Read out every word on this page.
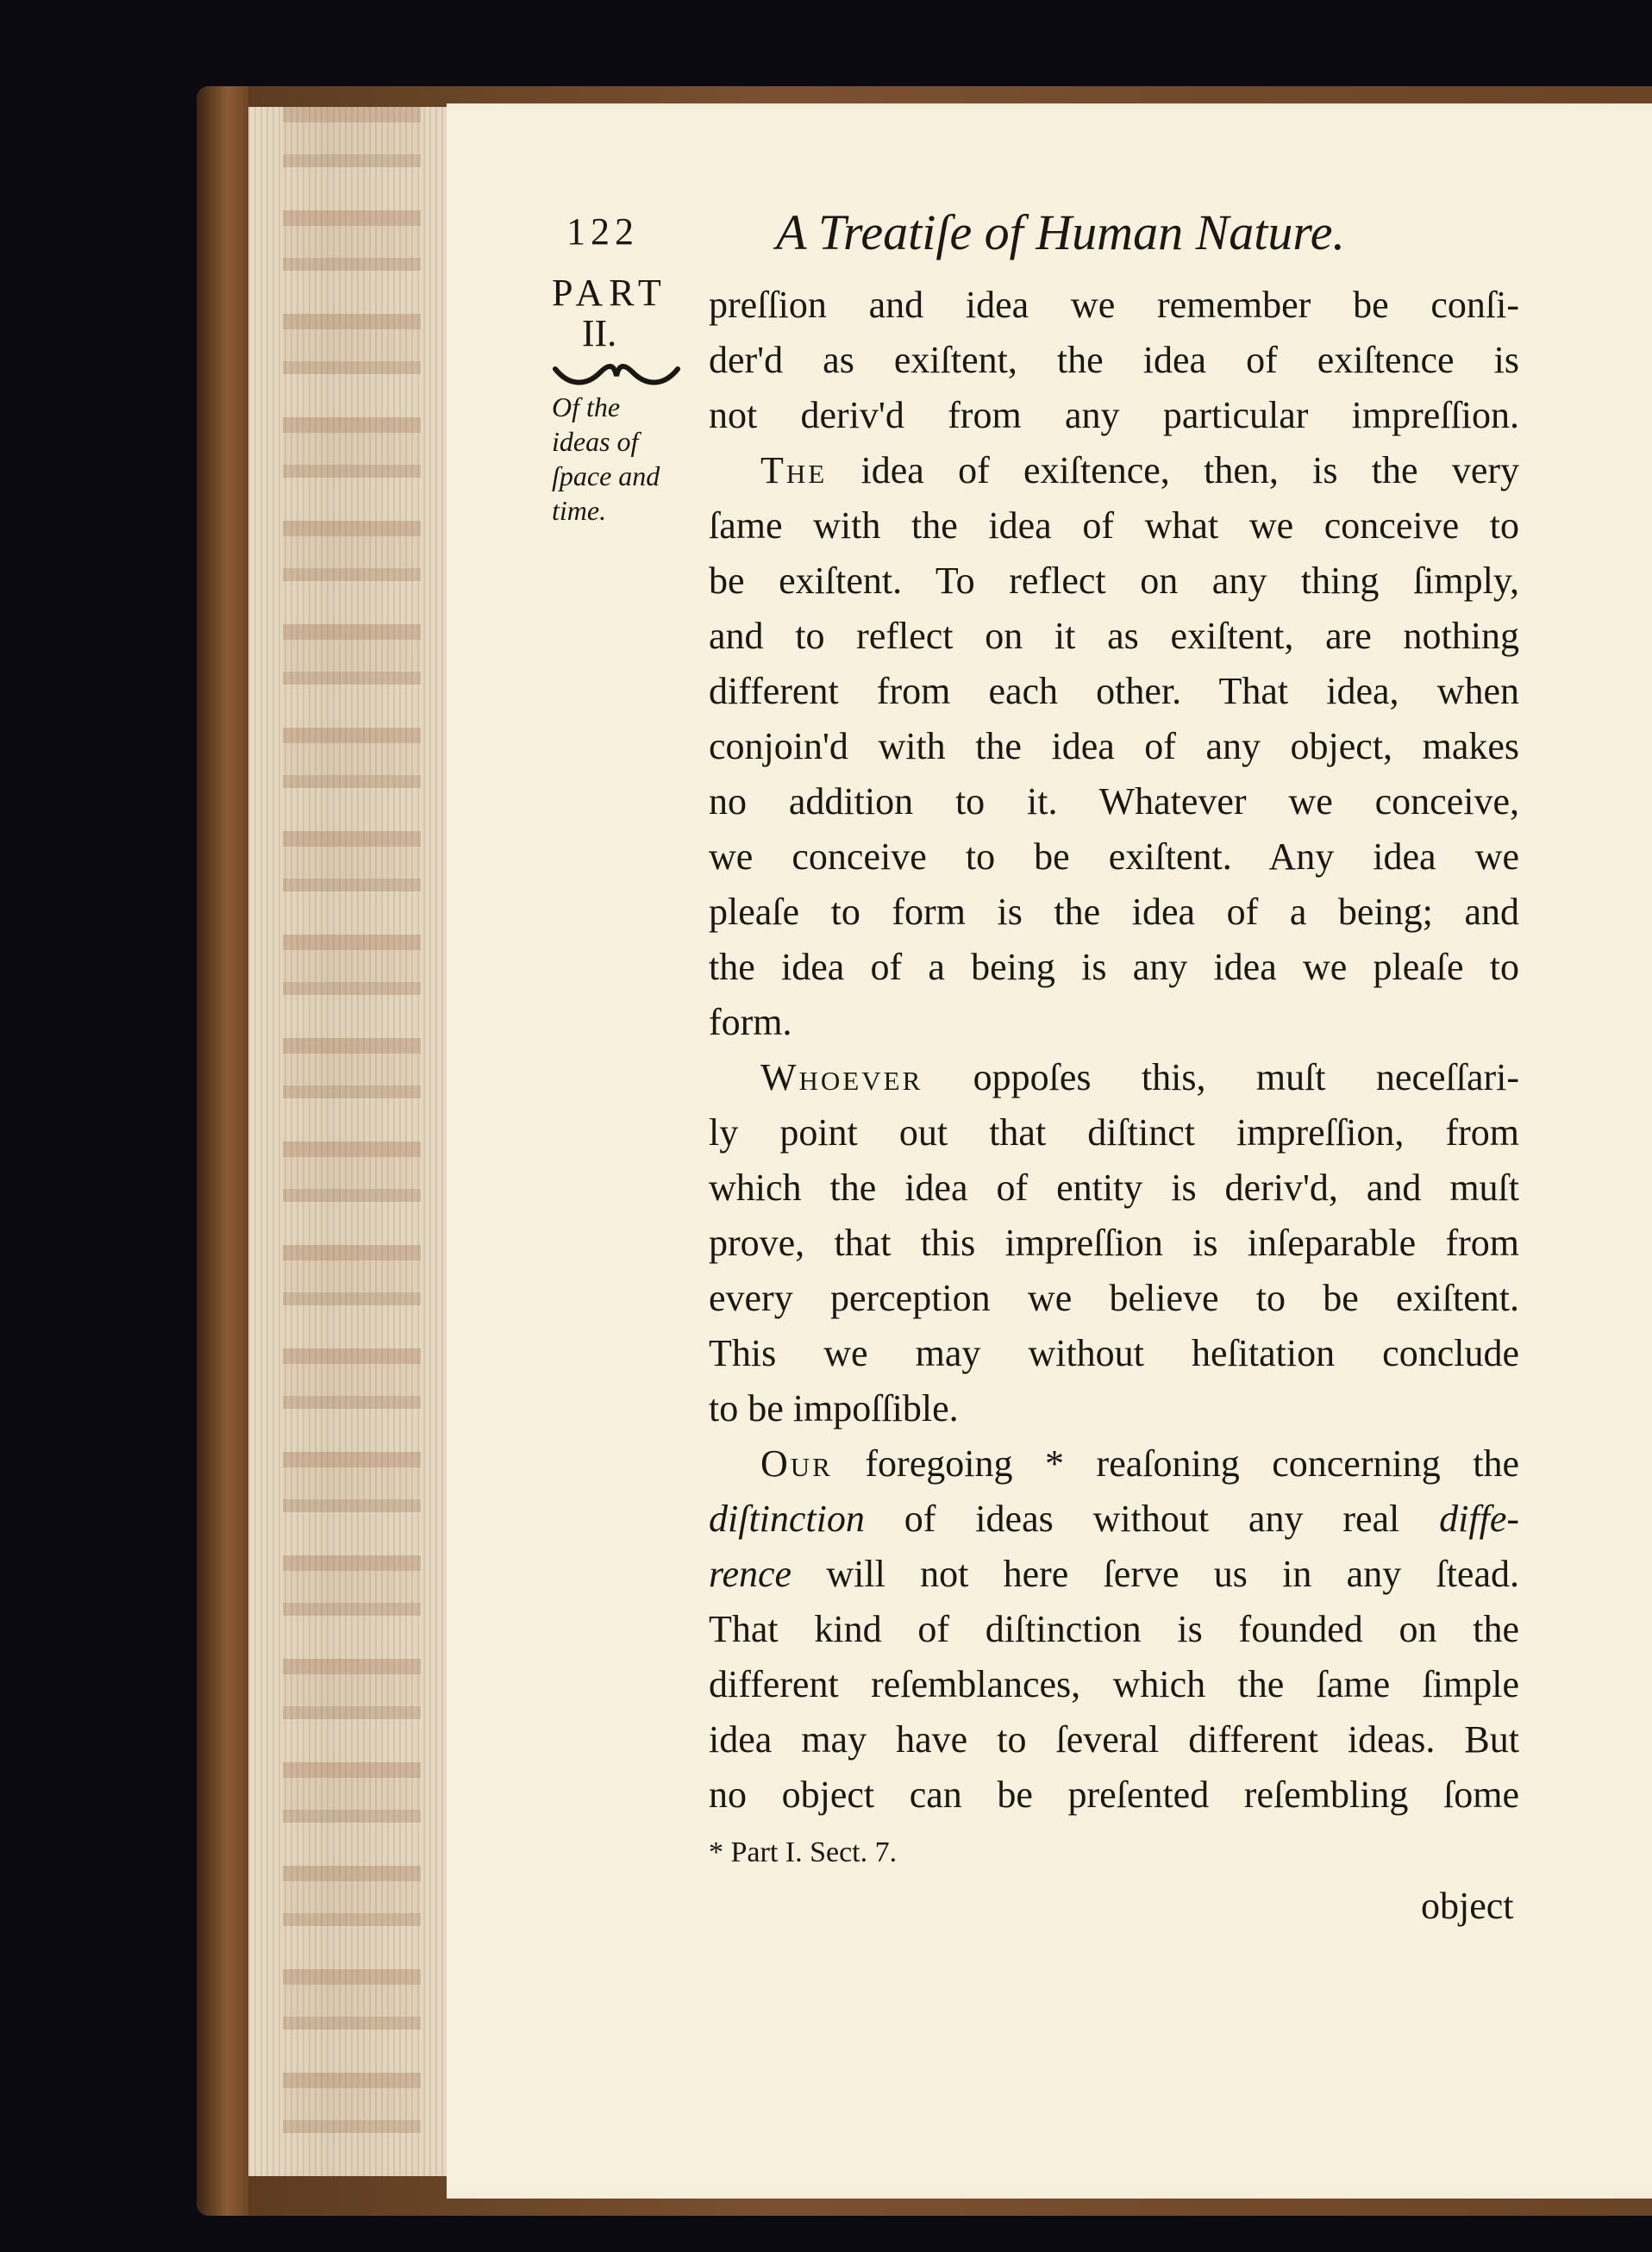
122	A Treatiſe of Human Nature.
PART
II.
Of the
ideas of
ſpace and
time.
preſſion and idea we remember be conſi-
der'd as exiſtent, the idea of exiſtence is
not deriv'd from any particular impreſſion.
The idea of exiſtence, then, is the very
ſame with the idea of what we conceive to
be exiſtent. To reflect on any thing ſimply,
and to reflect on it as exiſtent, are nothing
different from each other. That idea, when
conjoin'd with the idea of any object, makes
no addition to it. Whatever we conceive,
we conceive to be exiſtent. Any idea we
pleaſe to form is the idea of a being; and
the idea of a being is any idea we pleaſe to
form.
Whoever oppoſes this, muſt neceſſari-
ly point out that diſtinct impreſſion, from
which the idea of entity is deriv'd, and muſt
prove, that this impreſſion is inſeparable from
every perception we believe to be exiſtent.
This we may without heſitation conclude
to be impoſſible.
Our foregoing * reaſoning concerning the
diſtinction of ideas without any real diffe-
rence will not here ſerve us in any ſtead.
That kind of diſtinction is founded on the
different reſemblances, which the ſame ſimple
idea may have to ſeveral different ideas. But
no object can be preſented reſembling ſome
* Part I. Sect. 7.
object
